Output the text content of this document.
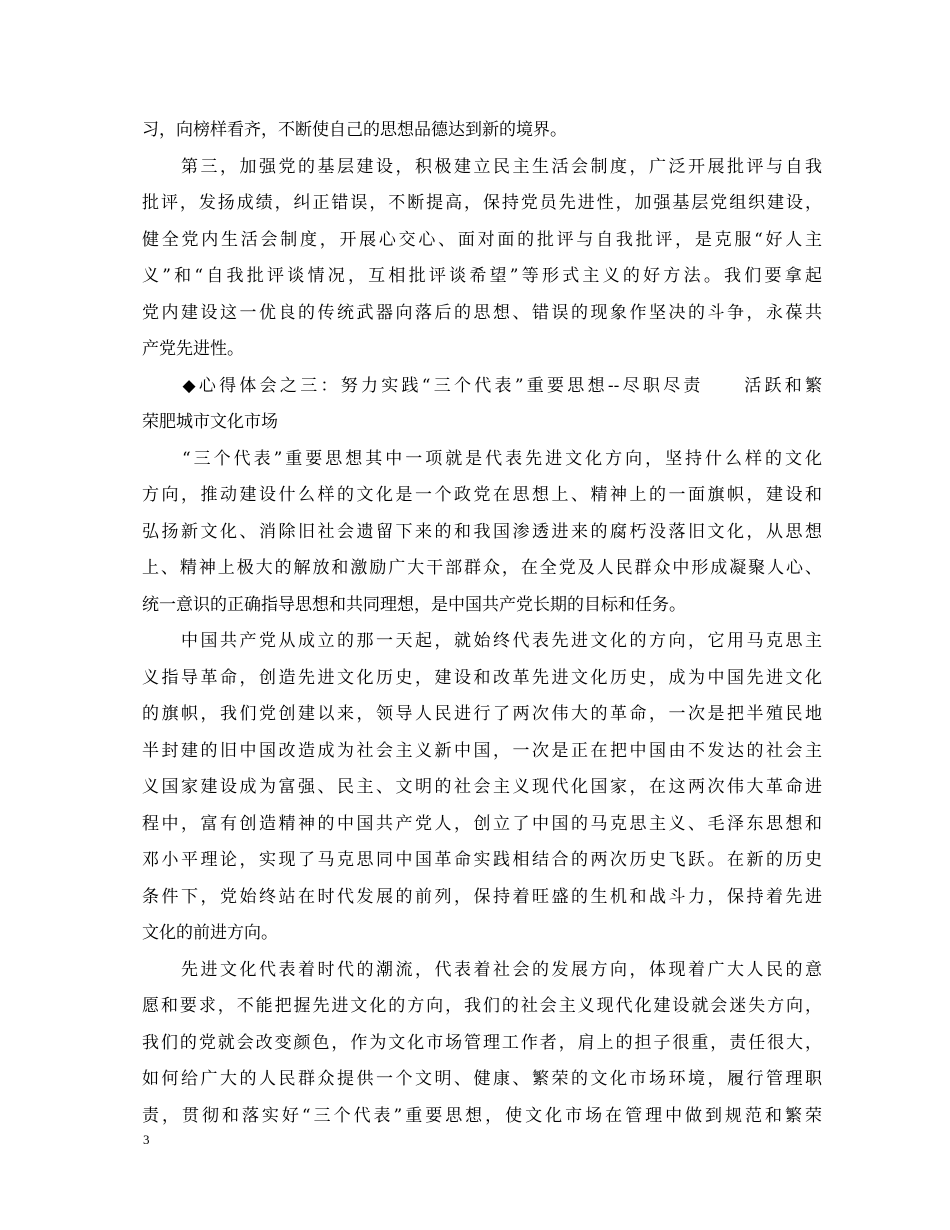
习，向榜样看齐，不断使自己的思想品德达到新的境界。
　　第三，加强党的基层建设，积极建立民主生活会制度，广泛开展批评与自我
批评，发扬成绩，纠正错误，不断提高，保持党员先进性，加强基层党组织建设，
健全党内生活会制度，开展心交心、面对面的批评与自我批评，是克服“好人主
义”和“自我批评谈情况，互相批评谈希望”等形式主义的好方法。我们要拿起
党内建设这一优良的传统武器向落后的思想、错误的现象作坚决的斗争，永葆共
产党先进性。
　　◆心得体会之三：努力实践“三个代表”重要思想--尽职尽责　　活跃和繁
荣肥城市文化市场
　　“三个代表”重要思想其中一项就是代表先进文化方向，坚持什么样的文化
方向，推动建设什么样的文化是一个政党在思想上、精神上的一面旗帜，建设和
弘扬新文化、消除旧社会遗留下来的和我国渗透进来的腐朽没落旧文化，从思想
上、精神上极大的解放和激励广大干部群众，在全党及人民群众中形成凝聚人心、
统一意识的正确指导思想和共同理想，是中国共产党长期的目标和任务。
　　中国共产党从成立的那一天起，就始终代表先进文化的方向，它用马克思主
义指导革命，创造先进文化历史，建设和改革先进文化历史，成为中国先进文化
的旗帜，我们党创建以来，领导人民进行了两次伟大的革命，一次是把半殖民地
半封建的旧中国改造成为社会主义新中国，一次是正在把中国由不发达的社会主
义国家建设成为富强、民主、文明的社会主义现代化国家，在这两次伟大革命进
程中，富有创造精神的中国共产党人，创立了中国的马克思主义、毛泽东思想和
邓小平理论，实现了马克思同中国革命实践相结合的两次历史飞跃。在新的历史
条件下，党始终站在时代发展的前列，保持着旺盛的生机和战斗力，保持着先进
文化的前进方向。
　　先进文化代表着时代的潮流，代表着社会的发展方向，体现着广大人民的意
愿和要求，不能把握先进文化的方向，我们的社会主义现代化建设就会迷失方向，
我们的党就会改变颜色，作为文化市场管理工作者，肩上的担子很重，责任很大，
如何给广大的人民群众提供一个文明、健康、繁荣的文化市场环境，履行管理职
责，贯彻和落实好“三个代表”重要思想，使文化市场在管理中做到规范和繁荣
3
